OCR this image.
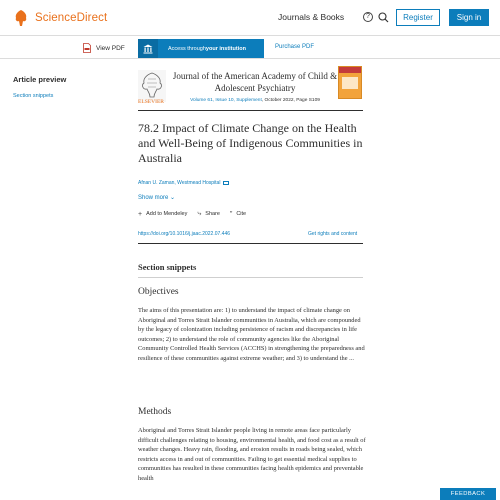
ScienceDirect	Journals & Books	?	Register	Sign in
View PDF	Access through your institution	Purchase PDF
Article preview
Section snippets
ELSEVIER
Journal of the American Academy of Child & Adolescent Psychiatry
Volume 61, Issue 10, Supplement, October 2022, Page S109
78.2 Impact of Climate Change on the Health and Well-Being of Indigenous Communities in Australia
Afnan U. Zaman, Westmead Hospital
Show more ⌄
+ Add to Mendeley ⤷ Share ” Cite
https://doi.org/10.1016/j.jaac.2022.07.446	Get rights and content
Section snippets
Objectives
The aims of this presentation are: 1) to understand the impact of climate change on Aboriginal and Torres Strait Islander communities in Australia, which are compounded by the legacy of colonization including persistence of racism and discrepancies in life outcomes; 2) to understand the role of community agencies like the Aboriginal Community Controlled Health Services (ACCHS) in strengthening the preparedness and resilience of these communities against extreme weather; and 3) to understand the ...
Methods
Aboriginal and Torres Strait Islander people living in remote areas face particularly difficult challenges relating to housing, environmental health, and food cost as a result of weather changes. Heavy rain, flooding, and erosion results in roads being sealed, which restricts access in and out of communities. Failing to get essential medical supplies to communities has resulted in these communities facing health epidemics and preventable health
FEEDBACK
